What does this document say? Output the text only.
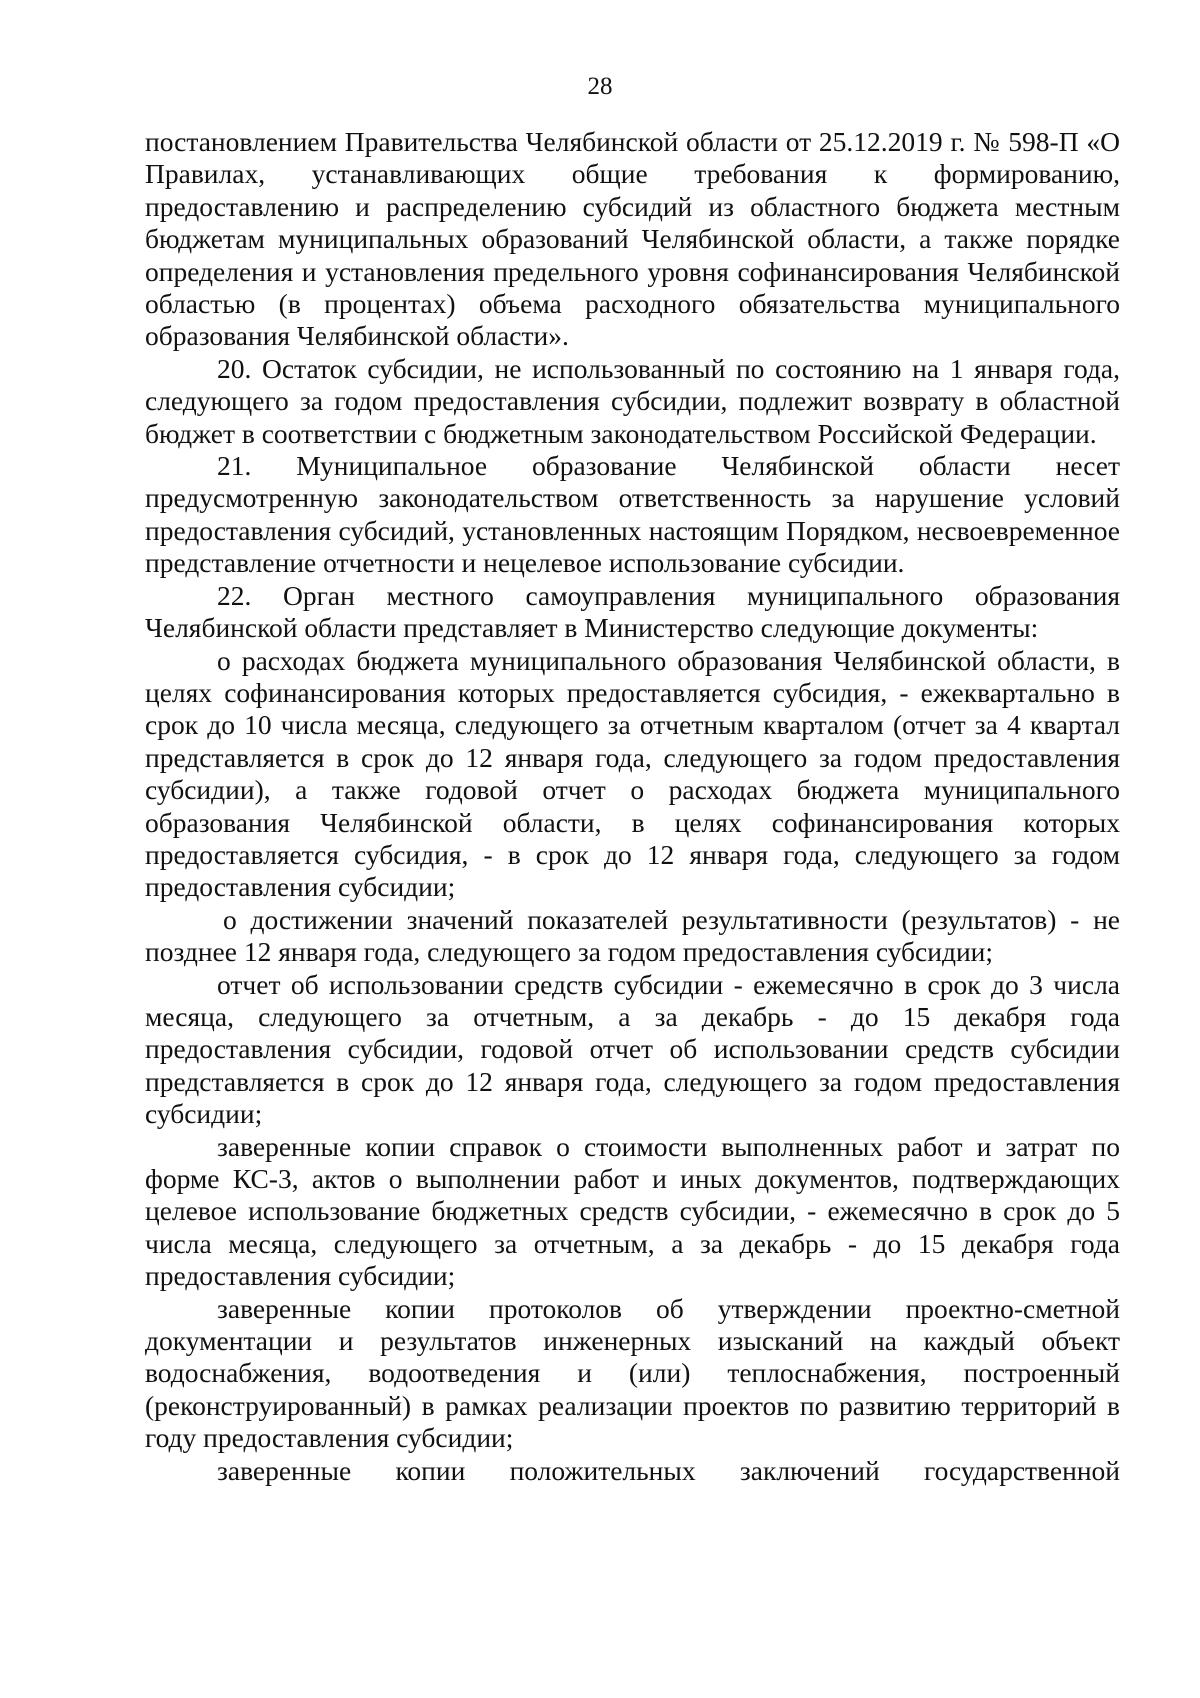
28

постановлением Правительства Челябинской области от 25.12.2019 г. № 598-П «О Правилах, устанавливающих общие требования к формированию, предоставлению и распределению субсидий из областного бюджета местным бюджетам муниципальных образований Челябинской области, а также порядке определения и установления предельного уровня софинансирования Челябинской областью (в процентах) объема расходного обязательства муниципального образования Челябинской области».

20. Остаток субсидии, не использованный по состоянию на 1 января года, следующего за годом предоставления субсидии, подлежит возврату в областной бюджет в соответствии с бюджетным законодательством Российской Федерации.

21. Муниципальное образование Челябинской области несет предусмотренную законодательством ответственность за нарушение условий предоставления субсидий, установленных настоящим Порядком, несвоевременное представление отчетности и нецелевое использование субсидии.

22. Орган местного самоуправления муниципального образования Челябинской области представляет в Министерство следующие документы:

о расходах бюджета муниципального образования Челябинской области, в целях софинансирования которых предоставляется субсидия, - ежеквартально в срок до 10 числа месяца, следующего за отчетным кварталом (отчет за 4 квартал представляется в срок до 12 января года, следующего за годом предоставления субсидии), а также годовой отчет о расходах бюджета муниципального образования Челябинской области, в целях софинансирования которых предоставляется субсидия, - в срок до 12 января года, следующего за годом предоставления субсидии;

о достижении значений показателей результативности (результатов) - не позднее 12 января года, следующего за годом предоставления субсидии;

отчет об использовании средств субсидии - ежемесячно в срок до 3 числа месяца, следующего за отчетным, а за декабрь - до 15 декабря года предоставления субсидии, годовой отчет об использовании средств субсидии представляется в срок до 12 января года, следующего за годом предоставления субсидии;

заверенные копии справок о стоимости выполненных работ и затрат по форме КС-3, актов о выполнении работ и иных документов, подтверждающих целевое использование бюджетных средств субсидии, - ежемесячно в срок до 5 числа месяца, следующего за отчетным, а за декабрь - до 15 декабря года предоставления субсидии;

заверенные копии протоколов об утверждении проектно-сметной документации и результатов инженерных изысканий на каждый объект водоснабжения, водоотведения и (или) теплоснабжения, построенный (реконструированный) в рамках реализации проектов по развитию территорий в году предоставления субсидии;

заверенные копии положительных заключений государственной
